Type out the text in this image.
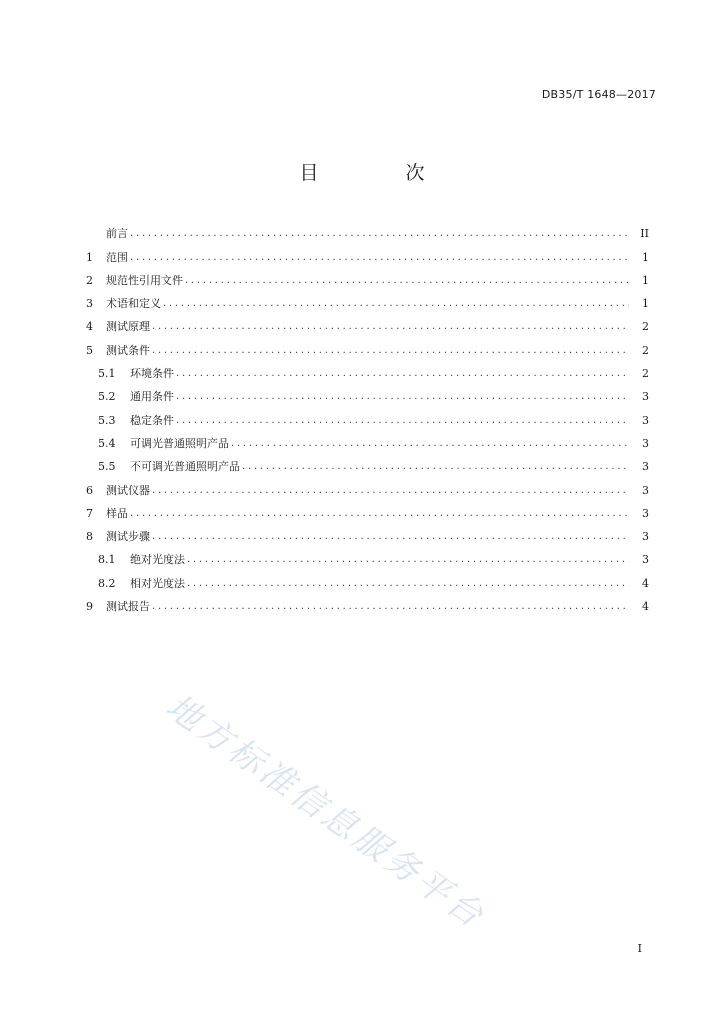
DB35/T 1648—2017
目　次
前言 . . .	II
1	范围 . . .	1
2	规范性引用文件 . . .	1
3	术语和定义 . . .	1
4	测试原理 . . .	2
5	测试条件 . . .	2
5.1	环境条件 . . .	2
5.2	通用条件 . . .	3
5.3	稳定条件 . . .	3
5.4	可调光普通照明产品 . . .	3
5.5	不可调光普通照明产品 . . .	3
6	测试仪器 . . .	3
7	样品 . . .	3
8	测试步骤 . . .	3
8.1	绝对光度法 . . .	3
8.2	相对光度法 . . .	4
9	测试报告 . . .	4
地方标准信息服务平台
I
